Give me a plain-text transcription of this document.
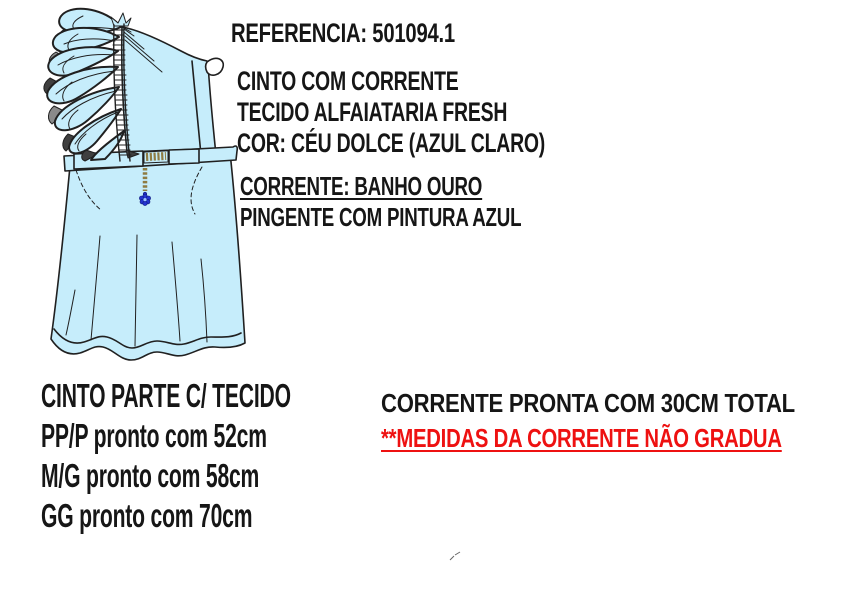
REFERENCIA: 501094.1
CINTO COM CORRENTE
TECIDO ALFAIATARIA FRESH
COR: CÉU DOLCE (AZUL CLARO)
CORRENTE: BANHO OURO
PINGENTE COM PINTURA AZUL
CINTO PARTE C/ TECIDO
PP/P pronto com 52cm
M/G pronto com 58cm
GG pronto com 70cm
CORRENTE PRONTA COM 30CM TOTAL
**MEDIDAS DA CORRENTE NÃO GRADUA
